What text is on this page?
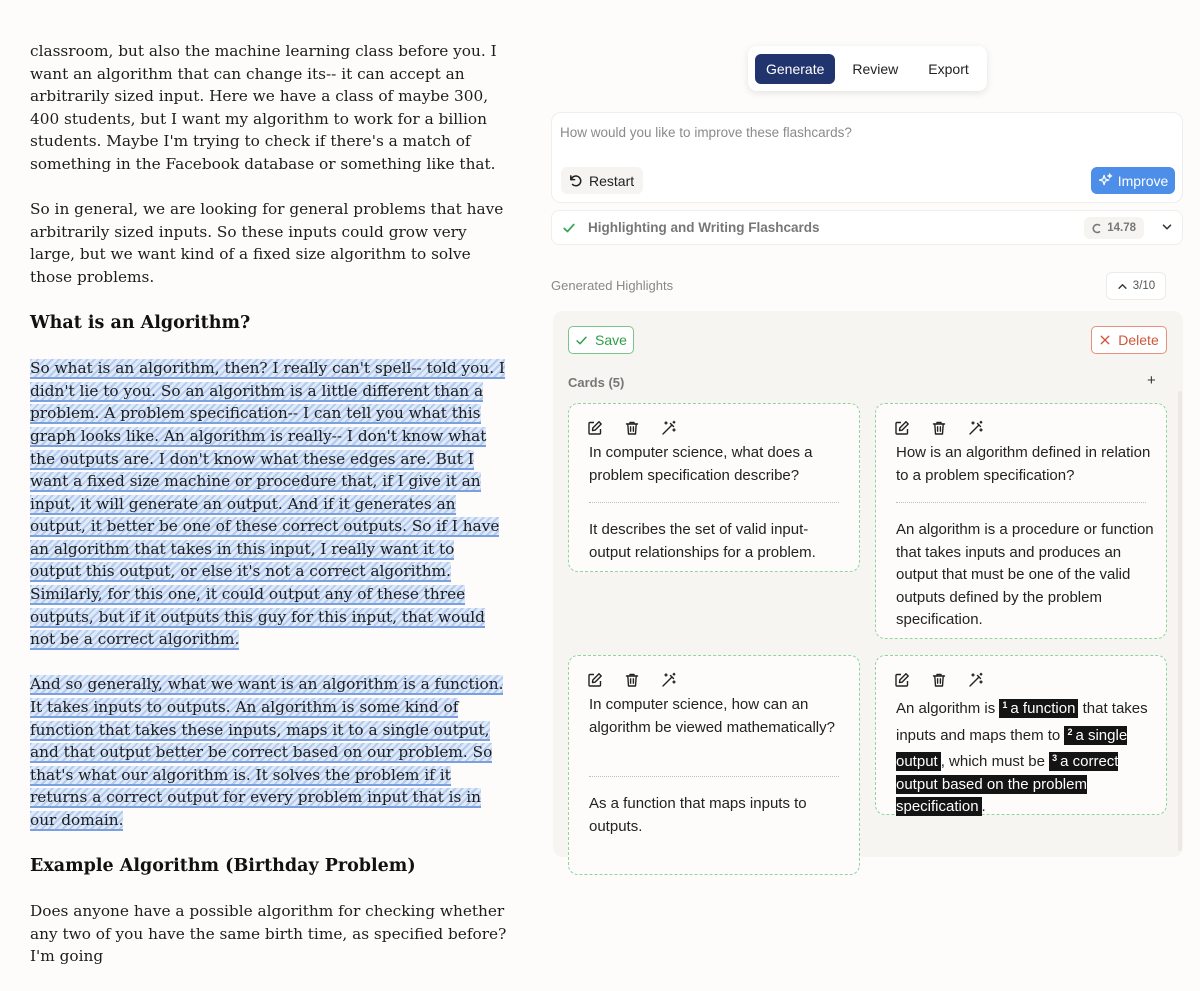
classroom, but also the machine learning class before you. I want an algorithm that can change its-- it can accept an arbitrarily sized input. Here we have a class of maybe 300, 400 students, but I want my algorithm to work for a billion students. Maybe I'm trying to check if there's a match of something in the Facebook database or something like that.

So in general, we are looking for general problems that have arbitrarily sized inputs. So these inputs could grow very large, but we want kind of a fixed size algorithm to solve those problems.

What is an Algorithm?

So what is an algorithm, then? I really can't spell-- told you. I didn't lie to you. So an algorithm is a little different than a problem. A problem specification-- I can tell you what this graph looks like. An algorithm is really-- I don't know what the outputs are. I don't know what these edges are. But I want a fixed size machine or procedure that, if I give it an input, it will generate an output. And if it generates an output, it better be one of these correct outputs. So if I have an algorithm that takes in this input, I really want it to output this output, or else it's not a correct algorithm. Similarly, for this one, it could output any of these three outputs, but if it outputs this guy for this input, that would not be a correct algorithm.

And so generally, what we want is an algorithm is a function. It takes inputs to outputs. An algorithm is some kind of function that takes these inputs, maps it to a single output, and that output better be correct based on our problem. So that's what our algorithm is. It solves the problem if it returns a correct output for every problem input that is in our domain.

Example Algorithm (Birthday Problem)

Does anyone have a possible algorithm for checking whether any two of you have the same birth time, as specified before? I'm going

Generate	Review	Export
How would you like to improve these flashcards?
Restart	Improve
Highlighting and Writing Flashcards	14.78
Generated Highlights	3/10
Save	Delete
Cards (5)	+
In computer science, what does a problem specification describe?
It describes the set of valid input-output relationships for a problem.
How is an algorithm defined in relation to a problem specification?
An algorithm is a procedure or function that takes inputs and produces an output that must be one of the valid outputs defined by the problem specification.
In computer science, how can an algorithm be viewed mathematically?
As a function that maps inputs to outputs.
An algorithm is $^1$ a function that takes inputs and maps them to $^2$ a single output , which must be $^3$ a correct output based on the problem specification .
